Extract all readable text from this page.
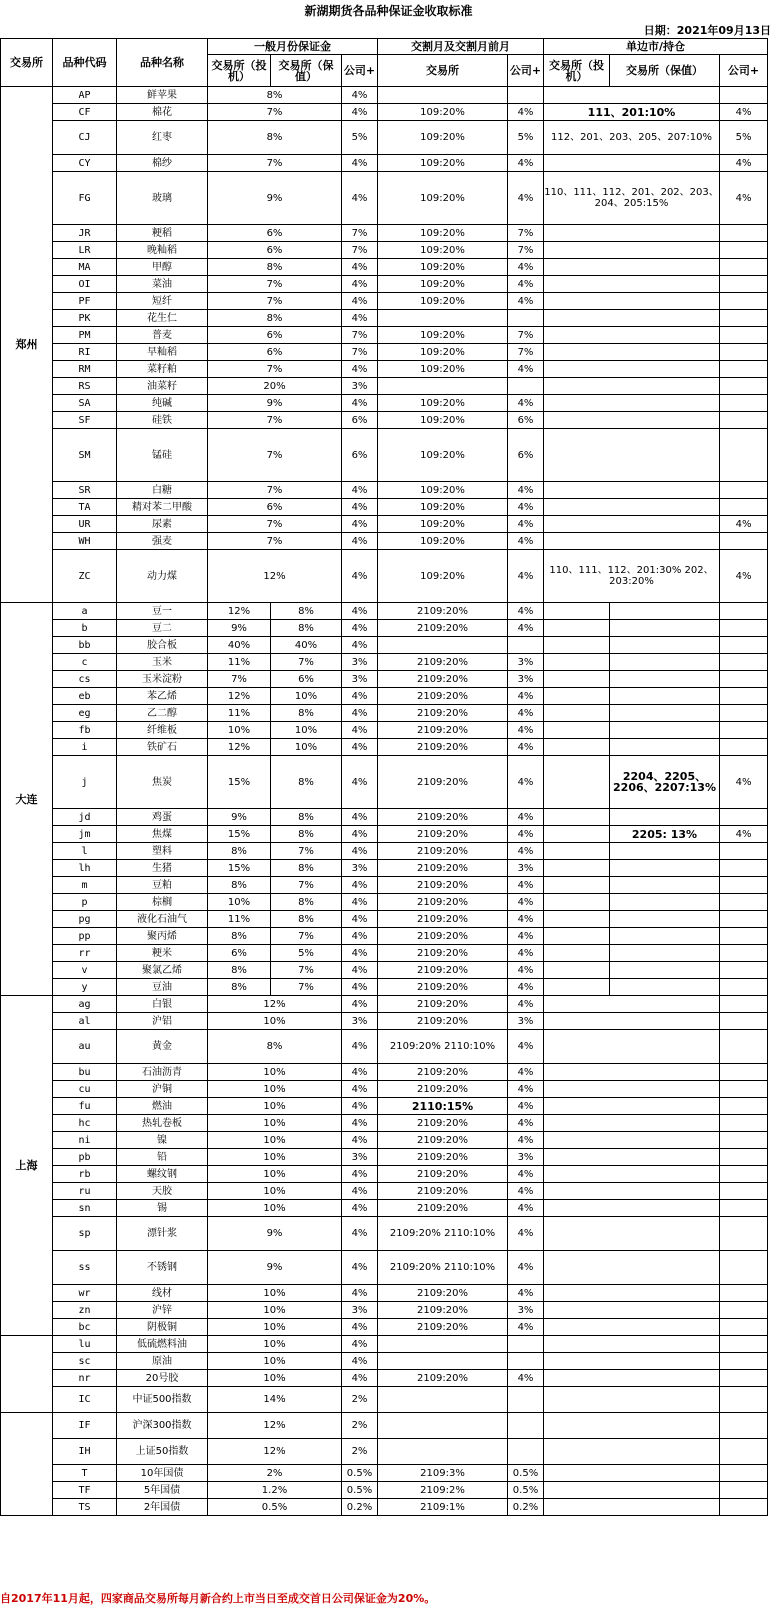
新湖期货各品种保证金收取标准
日期：2021年09月13日
交易所	品种代码	品种名称	一般月份保证金			交割月及交割月前月		单边市/持仓		
			交易所（投机）	交易所（保值）	公司+	交易所	公司+	交易所（投机）	交易所（保值）	公司+

郑州	AP	鲜苹果	8%		4%					
	CF	棉花	7%		4%	109:20%	4%	111、201:10%		4%
	CJ	红枣	8%		5%	109:20%	5%	112、201、203、205、207:10%		5%
	CY	棉纱	7%		4%	109:20%	4%			4%
	FG	玻璃	9%		4%	109:20%	4%	110、111、112、201、202、203、204、205:15%		4%
	JR	粳稻	6%		7%	109:20%	7%			
	LR	晚籼稻	6%		7%	109:20%	7%			
	MA	甲醇	8%		4%	109:20%	4%			
	OI	菜油	7%		4%	109:20%	4%			
	PF	短纤	7%		4%	109:20%	4%			
	PK	花生仁	8%		4%					
	PM	普麦	6%		7%	109:20%	7%			
	RI	早籼稻	6%		7%	109:20%	7%			
	RM	菜籽粕	7%		4%	109:20%	4%			
	RS	油菜籽	20%		3%					
	SA	纯碱	9%		4%	109:20%	4%			
	SF	硅铁	7%		6%	109:20%	6%			
	SM	锰硅	7%		6%	109:20%	6%			
	SR	白糖	7%		4%	109:20%	4%			
	TA	精对苯二甲酸	6%		4%	109:20%	4%			
	UR	尿素	7%		4%	109:20%	4%			4%
	WH	强麦	7%		4%	109:20%	4%			
	ZC	动力煤	12%		4%	109:20%	4%	110、111、112、201:30% 202、203:20%		4%
大连	a	豆一	12%	8%	4%	2109:20%	4%			
	b	豆二	9%	8%	4%	2109:20%	4%			
	bb	胶合板	40%	40%	4%					
	c	玉米	11%	7%	3%	2109:20%	3%			
	cs	玉米淀粉	7%	6%	3%	2109:20%	3%			
	eb	苯乙烯	12%	10%	4%	2109:20%	4%			
	eg	乙二醇	11%	8%	4%	2109:20%	4%			
	fb	纤维板	10%	10%	4%	2109:20%	4%			
	i	铁矿石	12%	10%	4%	2109:20%	4%			
	j	焦炭	15%	8%	4%	2109:20%	4%		2204、2205、2206、2207:13%	4%
	jd	鸡蛋	9%	8%	4%	2109:20%	4%			
	jm	焦煤	15%	8%	4%	2109:20%	4%		2205: 13%	4%
	l	塑料	8%	7%	4%	2109:20%	4%			
	lh	生猪	15%	8%	3%	2109:20%	3%			
	m	豆粕	8%	7%	4%	2109:20%	4%			
	p	棕榈	10%	8%	4%	2109:20%	4%			
	pg	液化石油气	11%	8%	4%	2109:20%	4%			
	pp	聚丙烯	8%	7%	4%	2109:20%	4%			
	rr	粳米	6%	5%	4%	2109:20%	4%			
	v	聚氯乙烯	8%	7%	4%	2109:20%	4%			
	y	豆油	8%	7%	4%	2109:20%	4%			
上海	ag	白银	12%		4%	2109:20%	4%			
	al	沪铝	10%		3%	2109:20%	3%			
	au	黄金	8%		4%	2109:20% 2110:10%	4%			
	bu	石油沥青	10%		4%	2109:20%	4%			
	cu	沪铜	10%		4%	2109:20%	4%			
	fu	燃油	10%		4%	2110:15%	4%			
	hc	热轧卷板	10%		4%	2109:20%	4%			
	ni	镍	10%		4%	2109:20%	4%			
	pb	铅	10%		3%	2109:20%	3%			
	rb	螺纹钢	10%		4%	2109:20%	4%			
	ru	天胶	10%		4%	2109:20%	4%			
	sn	锡	10%		4%	2109:20%	4%			
	sp	漂针浆	9%		4%	2109:20% 2110:10%	4%			
	ss	不锈钢	9%		4%	2109:20% 2110:10%	4%			
	wr	线材	10%		4%	2109:20%	4%			
	zn	沪锌	10%		3%	2109:20%	3%			
	bc	阴极铜	10%		4%	2109:20%	4%			
	lu	低硫燃料油	10%		4%					
	sc	原油	10%		4%					
	nr	20号胶	10%		4%	2109:20%	4%			
	IC	中证500指数	14%		2%					
	IF	沪深300指数	12%		2%					
	IH	上证50指数	12%		2%					
	T	10年国债	2%		0.5%	2109:3%	0.5%			
	TF	5年国债	1.2%		0.5%	2109:2%	0.5%			
	TS	2年国债	0.5%		0.2%	2109:1%	0.2%			
自2017年11月起，四家商品交易所每月新合约上市当日至成交首日公司保证金为20%。
